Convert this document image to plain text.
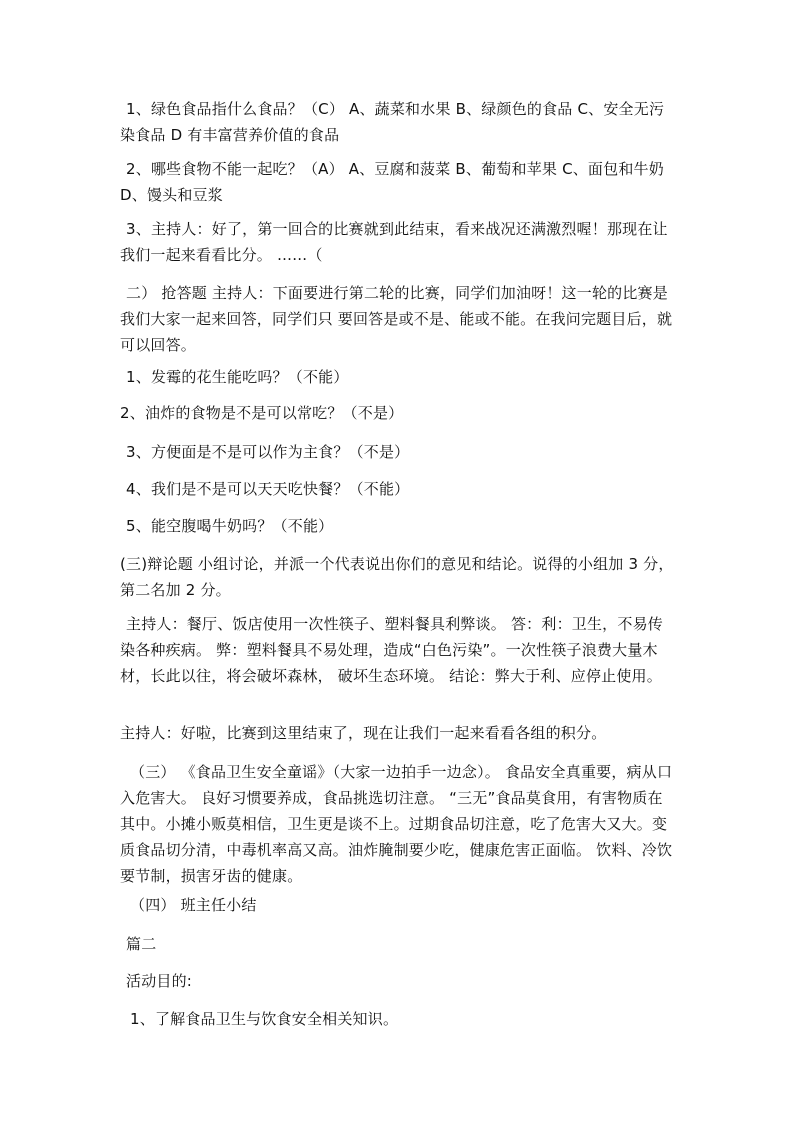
1、绿色食品指什么食品？（C） A、蔬菜和水果 B、绿颜色的食品 C、安全无污染食品 D 有丰富营养价值的食品

2、哪些食物不能一起吃？（A） A、豆腐和菠菜 B、葡萄和苹果 C、面包和牛奶 D、馒头和豆浆

3、主持人：好了，第一回合的比赛就到此结束，看来战况还满激烈喔！那现在让我们一起来看看比分。 ……（

二） 抢答题 主持人：下面要进行第二轮的比赛，同学们加油呀！这一轮的比赛是我们大家一起来回答，同学们只 要回答是或不是、能或不能。在我问完题目后，就可以回答。

1、发霉的花生能吃吗？（不能）

2、油炸的食物是不是可以常吃？（不是）

3、方便面是不是可以作为主食？（不是）

4、我们是不是可以天天吃快餐？（不能）

5、能空腹喝牛奶吗？（不能）

(三)辩论题 小组讨论，并派一个代表说出你们的意见和结论。说得的小组加 3 分，第二名加 2 分。

主持人：餐厅、饭店使用一次性筷子、塑料餐具利弊谈。 答：利：卫生，不易传染各种疾病。 弊：塑料餐具不易处理，造成“白色污染”。一次性筷子浪费大量木材，长此以往，将会破坏森林， 破坏生态环境。 结论：弊大于利、应停止使用。

主持人：好啦，比赛到这里结束了，现在让我们一起来看看各组的积分。

（三） 《食品卫生安全童谣》（大家一边拍手一边念）。 食品安全真重要，病从口入危害大。 良好习惯要养成，食品挑选切注意。 “三无”食品莫食用，有害物质在其中。小摊小贩莫相信，卫生更是谈不上。过期食品切注意，吃了危害大又大。变质食品切分清，中毒机率高又高。油炸腌制要少吃，健康危害正面临。 饮料、冷饮要节制，损害牙齿的健康。

（四） 班主任小结

篇二

活动目的:

1、了解食品卫生与饮食安全相关知识。
